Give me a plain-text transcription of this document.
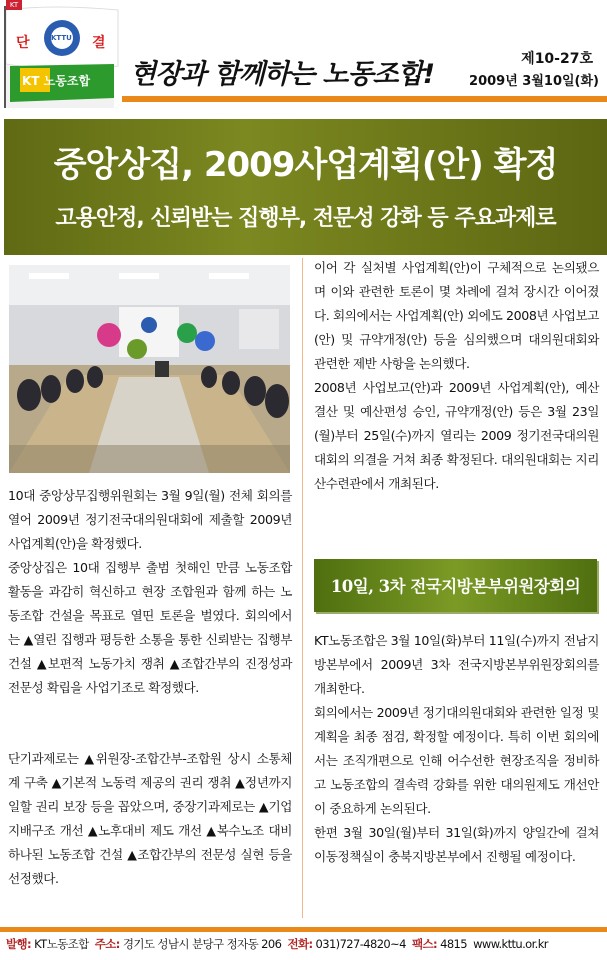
KT
단	결
KTTU
KT 노동조합 현장과 함께하는 노동조합!	제10-27호
2009년 3월10일(화)
중앙상집, 2009사업계획(안) 확정
고용안정, 신뢰받는 집행부, 전문성 강화 등 주요과제로

10대 중앙상무집행위원회는 3월 9일(월) 전체 회의를 열어 2009년 정기전국대의원대회에 제출할 2009년 사업계획(안)을 확정했다.

중앙상집은 10대 집행부 출범 첫해인 만큼 노동조합 활동을 과감히 혁신하고 현장 조합원과 함께 하는 노동조합 건설을 목표로 열띤 토론을 벌였다. 회의에서는 ▲열린 집행과 평등한 소통을 통한 신뢰받는 집행부 건설 ▲보편적 노동가치 쟁취 ▲조합간부의 진정성과 전문성 확립을 사업기조로 확정했다.

단기과제로는 ▲위원장-조합간부-조합원 상시 소통체계 구축 ▲기본적 노동력 제공의 권리 쟁취 ▲정년까지 일할 권리 보장 등을 꼽았으며, 중장기과제로는 ▲기업지배구조 개선 ▲노후대비 제도 개선 ▲복수노조 대비 하나된 노동조합 건설 ▲조합간부의 전문성 실현 등을 선정했다.

이어 각 실처별 사업계획(안)이 구체적으로 논의됐으며 이와 관련한 토론이 몇 차례에 걸쳐 장시간 이어졌다. 회의에서는 사업계획(안) 외에도 2008년 사업보고(안) 및 규약개정(안) 등을 심의했으며 대의원대회와 관련한 제반 사항을 논의했다.

2008년 사업보고(안)과 2009년 사업계획(안), 예산결산 및 예산편성 승인, 규약개정(안) 등은 3월 23일(월)부터 25일(수)까지 열리는 2009 정기전국대의원대회의 의결을 거쳐 최종 확정된다. 대의원대회는 지리산수련관에서 개최된다.

10일, 3차 전국지방본부위원장회의

KT노동조합은 3월 10일(화)부터 11일(수)까지 전남지방본부에서 2009년 3차 전국지방본부위원장회의를 개최한다.

회의에서는 2009년 정기대의원대회와 관련한 일정 및 계획을 최종 점검, 확정할 예정이다. 특히 이번 회의에서는 조직개편으로 인해 어수선한 현장조직을 정비하고 노동조합의 결속력 강화를 위한 대의원제도 개선안이 중요하게 논의된다.

한편 3월 30일(월)부터 31일(화)까지 양일간에 걸쳐 이동정책실이 충북지방본부에서 진행될 예정이다.

발행: KT노동조합 주소: 경기도 성남시 분당구 정자동 206 전화: 031)727-4820~4 팩스: 4815 www.kttu.or.kr
